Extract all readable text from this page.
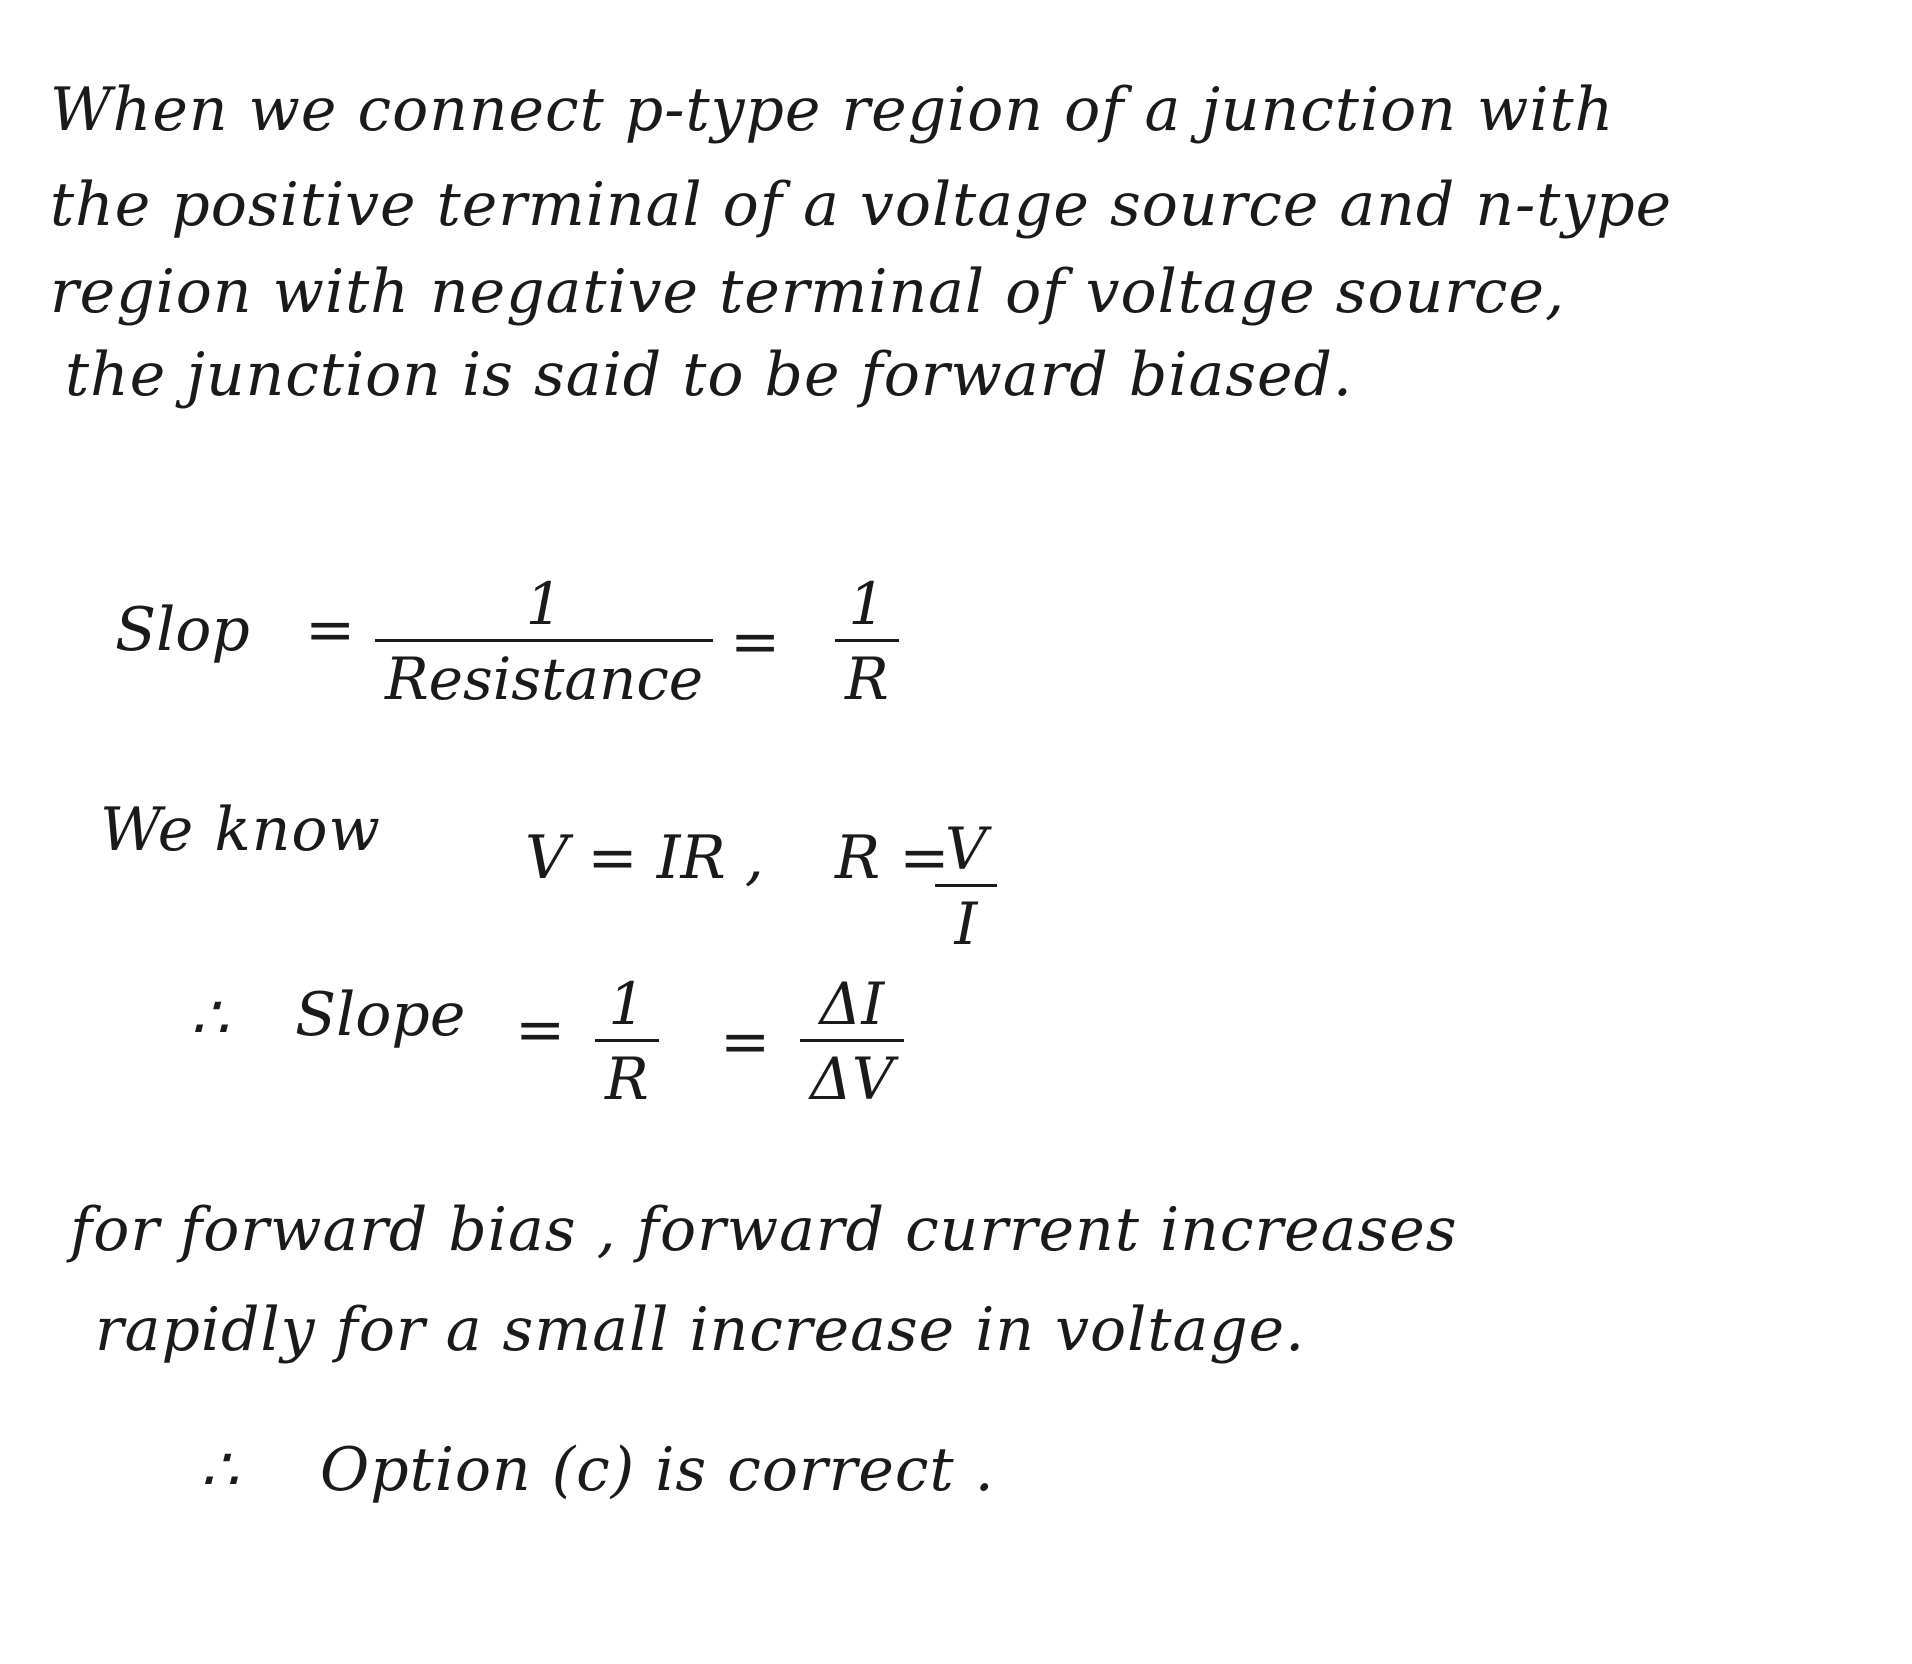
When we connect p-type region of a junction with
the positive terminal of a voltage source and n-type
region with negative terminal of voltage source,
the junction is said to be forward biased.
Slop =	1
Resistance
=
1
R
We know V = IR , R =
V
I
∴ Slope = 1
R
=
ΔI
ΔV
for forward bias , forward current increases
rapidly for a small increase in voltage.
∴ Option (c) is correct .
